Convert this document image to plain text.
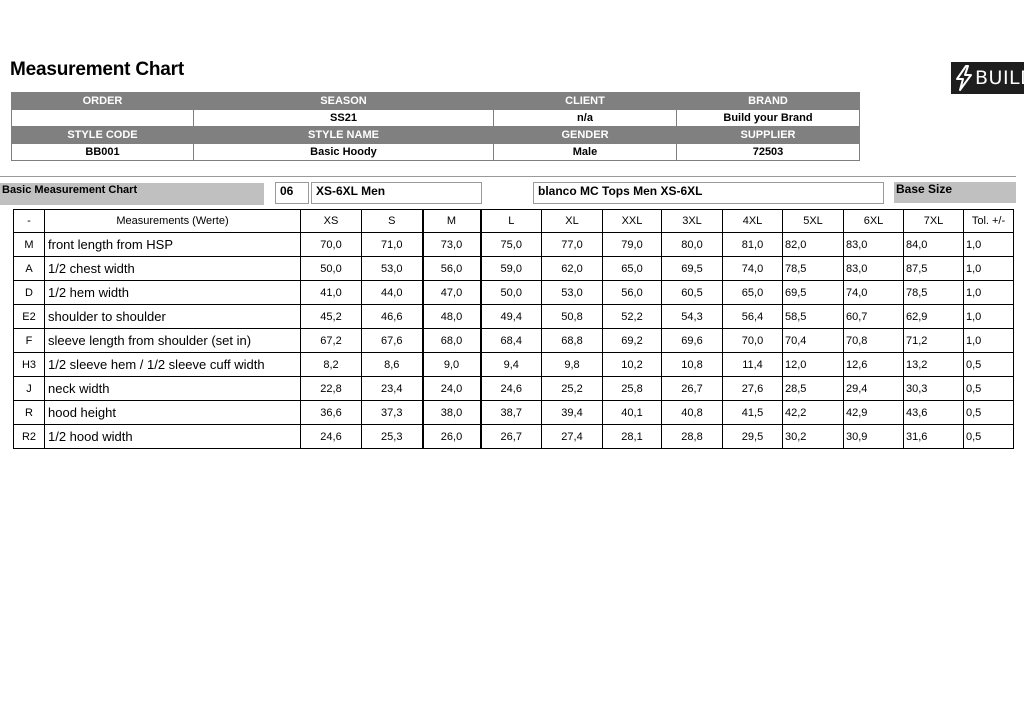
Measurement Chart	BUILD
ORDER	SEASON	CLIENT	BRAND
	SS21	n/a	Build your Brand
STYLE CODE	STYLE NAME	GENDER	SUPPLIER
BB001	Basic Hoody	Male	72503
Basic Measurement Chart	06	XS-6XL Men	blanco MC Tops Men XS-6XL	Base Size
-	Measurements (Werte)	XS	S	M	L	XL	XXL	3XL	4XL	5XL	6XL	7XL	Tol. +/-
M	front length from HSP	70,0	71,0	73,0	75,0	77,0	79,0	80,0	81,0	82,0	83,0	84,0	1,0
A	1/2 chest width	50,0	53,0	56,0	59,0	62,0	65,0	69,5	74,0	78,5	83,0	87,5	1,0
D	1/2 hem width	41,0	44,0	47,0	50,0	53,0	56,0	60,5	65,0	69,5	74,0	78,5	1,0
E2	shoulder to shoulder	45,2	46,6	48,0	49,4	50,8	52,2	54,3	56,4	58,5	60,7	62,9	1,0
F	sleeve length from shoulder (set in)	67,2	67,6	68,0	68,4	68,8	69,2	69,6	70,0	70,4	70,8	71,2	1,0
H3	1/2 sleeve hem / 1/2 sleeve cuff width	8,2	8,6	9,0	9,4	9,8	10,2	10,8	11,4	12,0	12,6	13,2	0,5
J	neck width	22,8	23,4	24,0	24,6	25,2	25,8	26,7	27,6	28,5	29,4	30,3	0,5
R	hood height	36,6	37,3	38,0	38,7	39,4	40,1	40,8	41,5	42,2	42,9	43,6	0,5
R2	1/2 hood width	24,6	25,3	26,0	26,7	27,4	28,1	28,8	29,5	30,2	30,9	31,6	0,5
